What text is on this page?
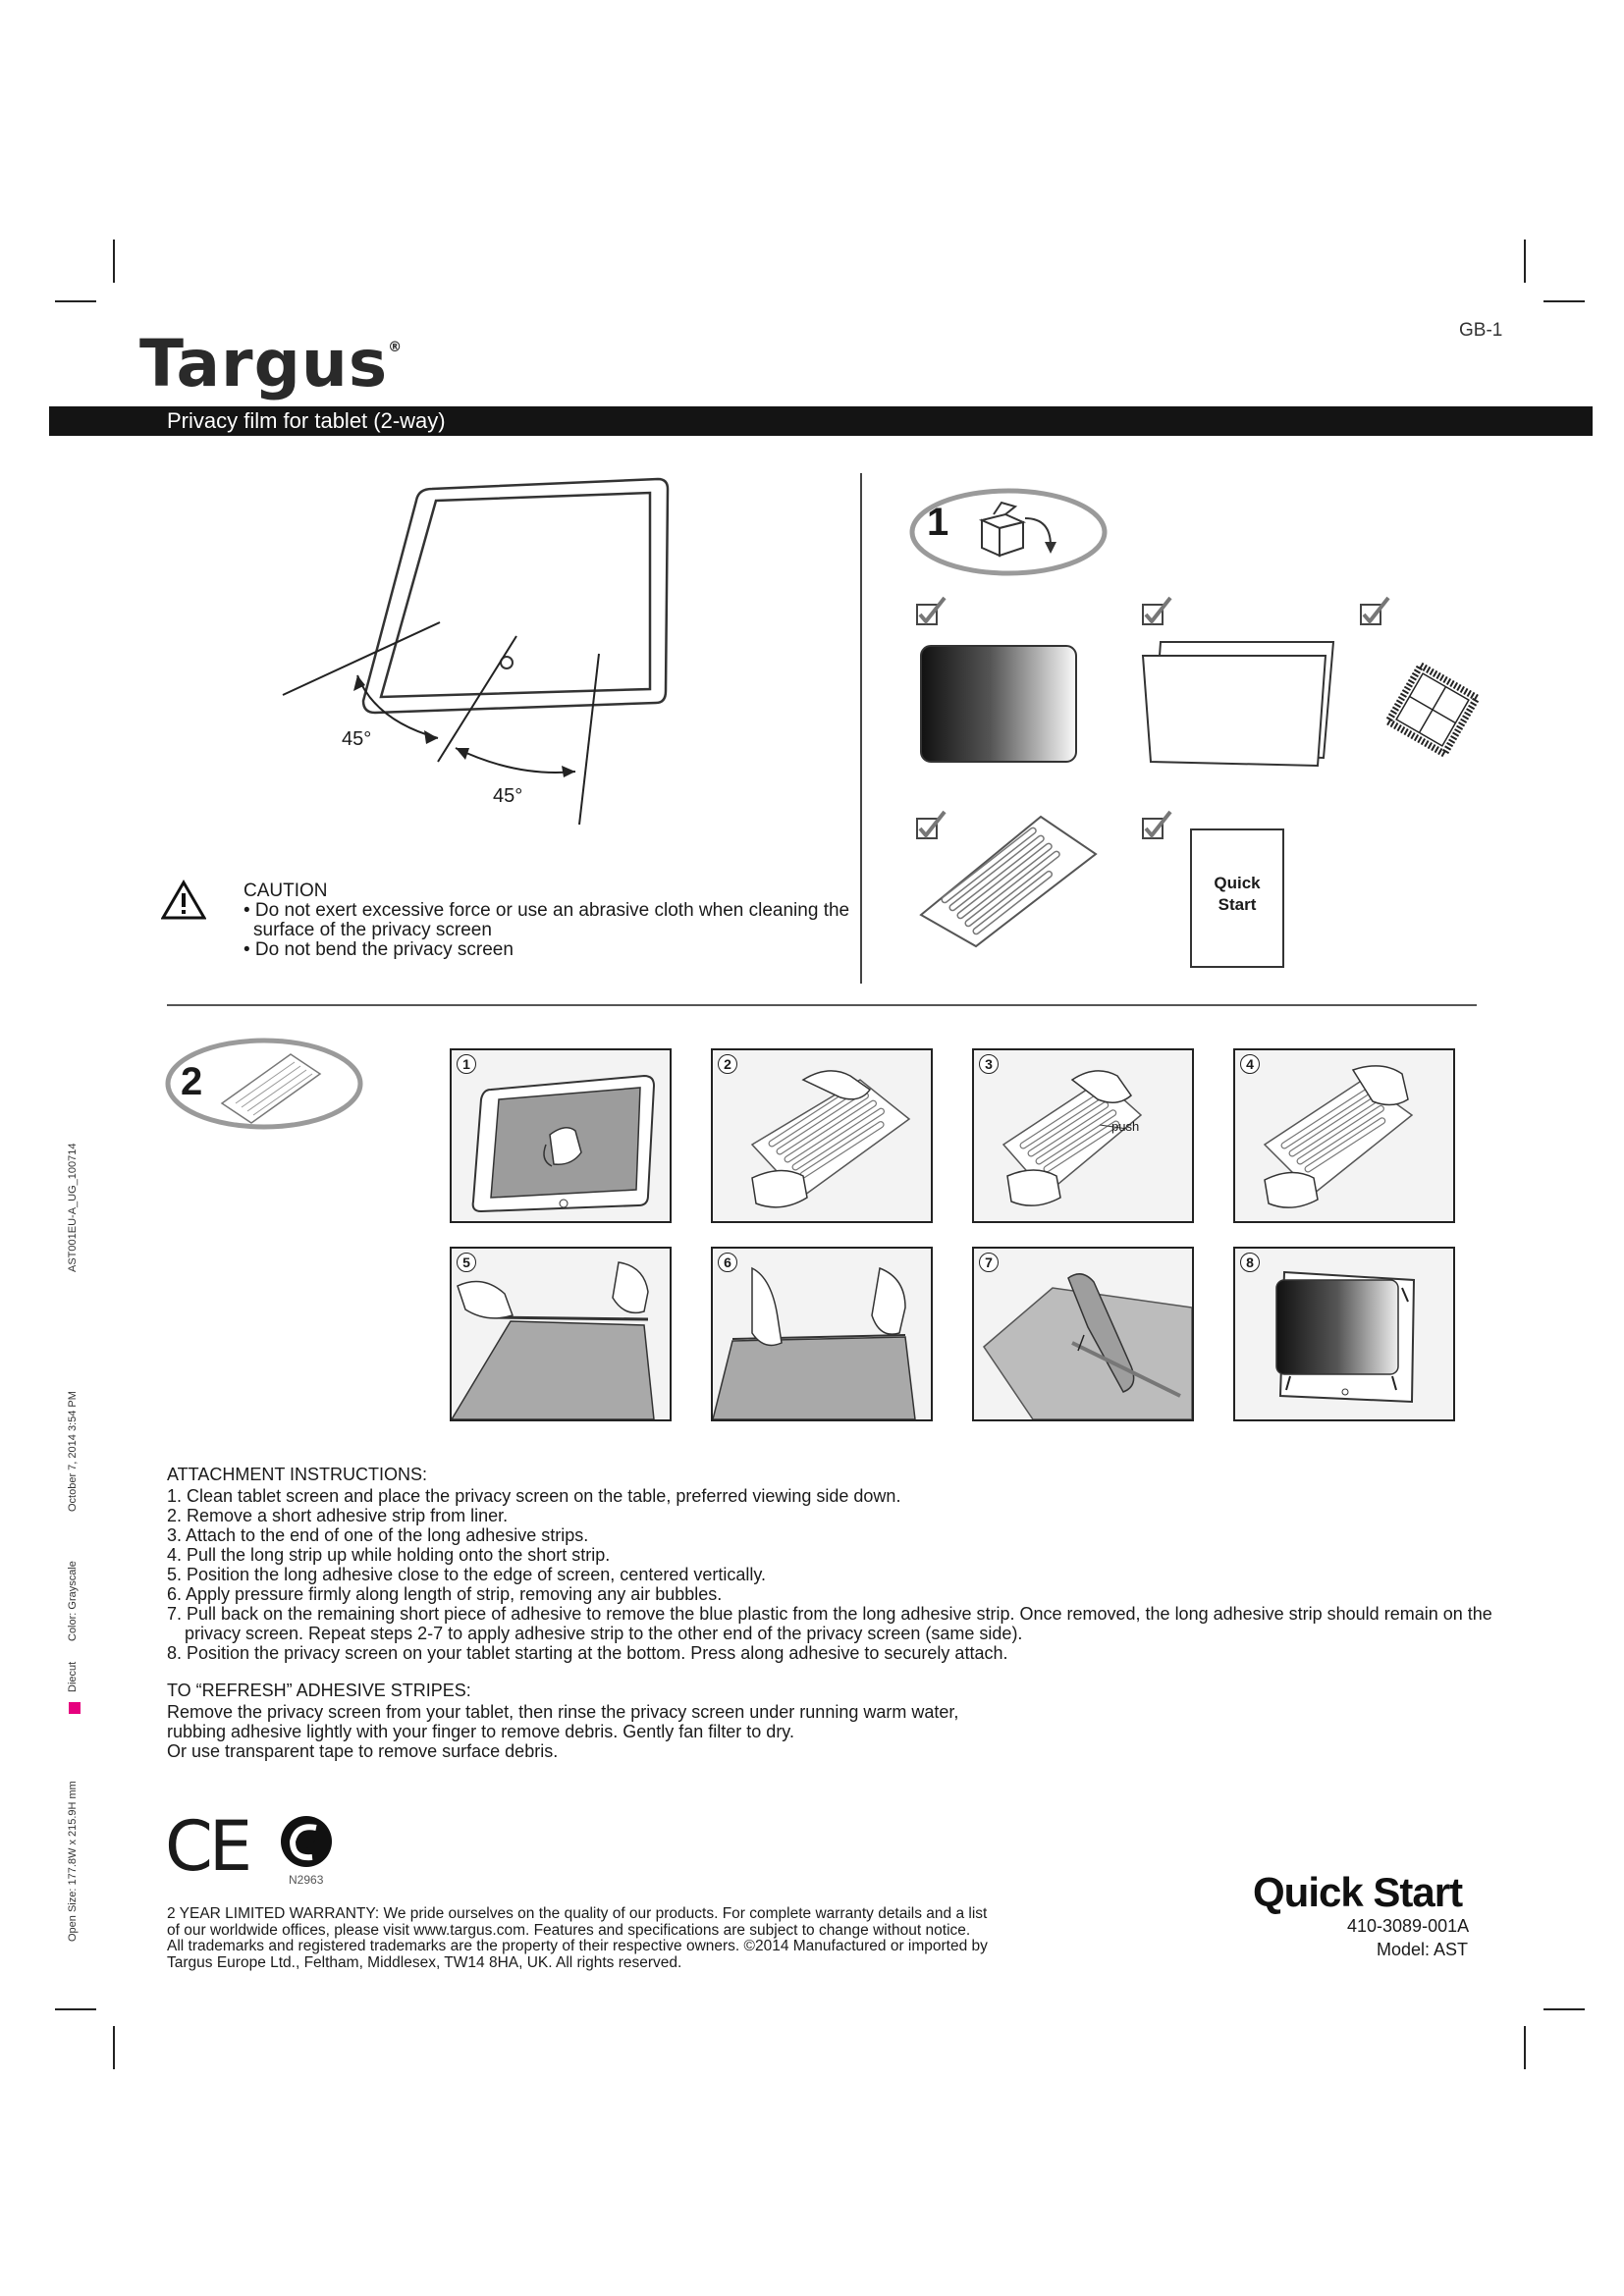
AST001EU-A_UG_100714
October 7, 2014 3:54 PM
Color: Grayscale
Diecut
Open Size: 177.8W x 215.9H mm
Targus®
GB-1
Privacy film for tablet (2-way)
45°
45°
CAUTION
• Do not exert excessive force or use an abrasive cloth when cleaning the
surface of the privacy screen
• Do not bend the privacy screen
1
Quick
Start
2	1	2	3
push
4
5	6	7	8
ATTACHMENT INSTRUCTIONS:
1. Clean tablet screen and place the privacy screen on the table, preferred viewing side down.
2. Remove a short adhesive strip from liner.
3. Attach to the end of one of the long adhesive strips.
4. Pull the long strip up while holding onto the short strip.
5. Position the long adhesive close to the edge of screen, centered vertically.
6. Apply pressure firmly along length of strip, removing any air bubbles.
7. Pull back on the remaining short piece of adhesive to remove the blue plastic from the long adhesive strip. Once removed, the long adhesive strip should remain on the
privacy screen. Repeat steps 2-7 to apply adhesive strip to the other end of the privacy screen (same side).
8. Position the privacy screen on your tablet starting at the bottom. Press along adhesive to securely attach.
TO “REFRESH” ADHESIVE STRIPES:
Remove the privacy screen from your tablet, then rinse the privacy screen under running warm water,
rubbing adhesive lightly with your finger to remove debris. Gently fan filter to dry.
Or use transparent tape to remove surface debris.
CE	N2963
2 YEAR LIMITED WARRANTY: We pride ourselves on the quality of our products. For complete warranty details and a list
of our worldwide offices, please visit www.targus.com. Features and specifications are subject to change without notice.
All trademarks and registered trademarks are the property of their respective owners. ©2014 Manufactured or imported by
Targus Europe Ltd., Feltham, Middlesex, TW14 8HA, UK. All rights reserved.
Quick Start
410-3089-001A
Model: AST
